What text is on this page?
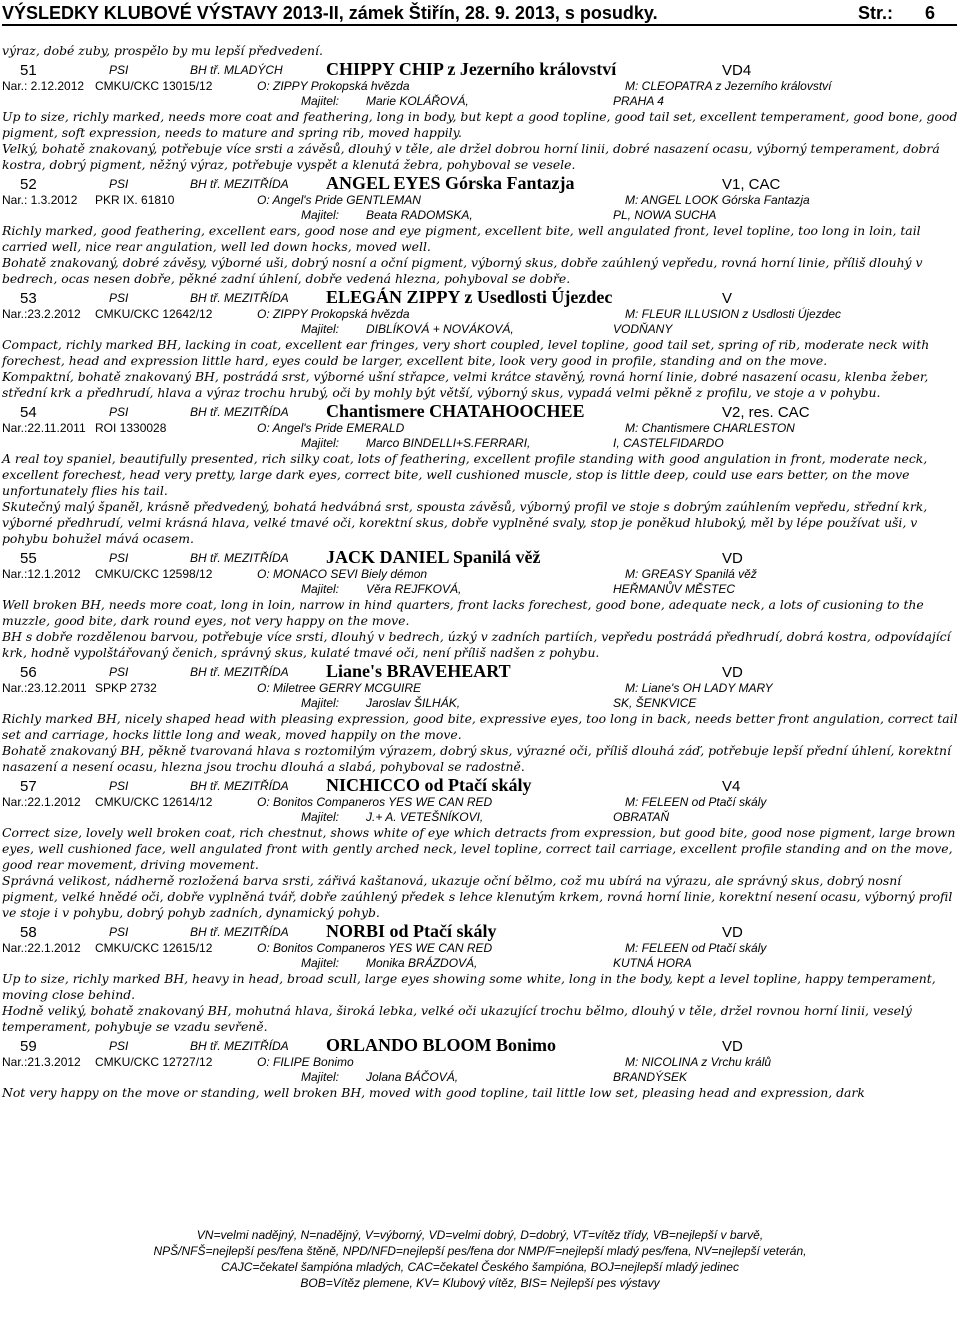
VÝSLEDKY KLUBOVÉ VÝSTAVY 2013-II, zámek Štiřín, 28. 9. 2013, s posudky.	Str.: 6

výraz, dobé zuby, prospělo by mu lepší předvedení.

51	PSI	BH tř. MLADÝCH CHIPPY CHIP z Jezerního království	VD4
Nar.: 2.12.2012 CMKU/CKC 13015/12	O: ZIPPY Prokopská hvězda	M: CLEOPATRA z Jezerního království
Majitel: Marie KOLÁŘOVÁ,	PRAHA 4

Up to size, richly marked, needs more coat and feathering, long in body, but kept a good topline, good tail set, excellent temperament, good bone, good pigment, soft expression, needs to mature and spring rib, moved happily.

Velký, bohatě znakovaný, potřebuje více srsti a závěsů, dlouhý v těle, ale držel dobrou horní linii, dobré nasazení ocasu, výborný temperament, dobrá kostra, dobrý pigment, něžný výraz, potřebuje vyspět a klenutá žebra, pohyboval se vesele.

52	PSI	BH tř. MEZITŘÍDA ANGEL EYES Górska Fantazja	V1, CAC
Nar.: 1.3.2012 PKR IX. 61810	O: Angel's Pride GENTLEMAN	M: ANGEL LOOK Górska Fantazja
Majitel: Beata RADOMSKA,	PL, NOWA SUCHA

Richly marked, good feathering, excellent ears, good nose and eye pigment, excellent bite, well angulated front, level topline, too long in loin, tail carried well, nice rear angulation, well led down hocks, moved well.

Bohatě znakovaný, dobré závěsy, výborné uši, dobrý nosní a oční pigment, výborný skus, dobře zaúhlený vepředu, rovná horní linie, příliš dlouhý v bedrech, ocas nesen dobře, pěkné zadní úhlení, dobře vedená hlezna, pohyboval se dobře.

53	PSI	BH tř. MEZITŘÍDA ELEGÁN ZIPPY z Usedlosti Újezdec	V
Nar.:23.2.2012 CMKU/CKC 12642/12	O: ZIPPY Prokopská hvězda	M: FLEUR ILLUSION z Usdlosti Újezdec
Majitel: DIBLÍKOVÁ + NOVÁKOVÁ,	VODŇANY

Compact, richly marked BH, lacking in coat, excellent ear fringes, very short coupled, level topline, good tail set, spring of rib, moderate neck with forechest, head and expression little hard, eyes could be larger, excellent bite, look very good in profile, standing and on the move.

Kompaktní, bohatě znakovaný BH, postrádá srst, výborné ušní střapce, velmi krátce stavěný, rovná horní linie, dobré nasazení ocasu, klenba žeber, střední krk a předhrudí, hlava a výraz trochu hrubý, oči by mohly být větší, výborný skus, vypadá velmi pěkně z profilu, ve stoje a v pohybu.

54	PSI	BH tř. MEZITŘÍDA Chantismere CHATAHOOCHEE	V2, res. CAC
Nar.:22.11.2011 ROI 1330028	O: Angel's Pride EMERALD	M: Chantismere CHARLESTON
Majitel: Marco BINDELLI+S.FERRARI,	I, CASTELFIDARDO

A real toy spaniel, beautifully presented, rich silky coat, lots of feathering, excellent profile standing with good angulation in front, moderate neck, excellent forechest, head very pretty, large dark eyes, correct bite, well cushioned muscle, stop is little deep, could use ears better, on the move unfortunately flies his tail.

Skutečný malý španěl, krásně předvedený, bohatá hedvábná srst, spousta závěsů, výborný profil ve stoje s dobrým zaúhlením vepředu, střední krk, výborné předhrudí, velmi krásná hlava, velké tmavé oči, korektní skus, dobře vyplněné svaly, stop je poněkud hluboký, měl by lépe používat uši, v pohybu bohužel mává ocasem.

55	PSI	BH tř. MEZITŘÍDA JACK DANIEL Spanilá věž	VD
Nar.:12.1.2012 CMKU/CKC 12598/12	O: MONACO SEVI Biely démon	M: GREASY Spanilá věž
Majitel: Věra REJFKOVÁ,	HEŘMANŮV MĚSTEC

Well broken BH, needs more coat, long in loin, narrow in hind quarters, front lacks forechest, good bone, adequate neck, a lots of cusioning to the muzzle, good bite, dark round eyes, not very happy on the move.

BH s dobře rozdělenou barvou, potřebuje více srsti, dlouhý v bedrech, úzký v zadních partiích, vepředu postrádá předhrudí, dobrá kostra, odpovídající krk, hodně vypolštářovaný čenich, správný skus, kulaté tmavé oči, není příliš nadšen z pohybu.

56	PSI	BH tř. MEZITŘÍDA Liane's BRAVEHEART	VD
Nar.:23.12.2011 SPKP 2732	O: Miletree GERRY MCGUIRE	M: Liane's OH LADY MARY
Majitel: Jaroslav ŠILHÁK,	SK, ŠENKVICE

Richly marked BH, nicely shaped head with pleasing expression, good bite, expressive eyes, too long in back, needs better front angulation, correct tail set and carriage, hocks little long and weak, moved happily on the move.

Bohatě znakovaný BH, pěkně tvarovaná hlava s roztomilým výrazem, dobrý skus, výrazné oči, příliš dlouhá záď, potřebuje lepší přední úhlení, korektní nasazení a nesení ocasu, hlezna jsou trochu dlouhá a slabá, pohyboval se radostně.

57	PSI	BH tř. MEZITŘÍDA NICHICCO od Ptačí skály	V4
Nar.:22.1.2012 CMKU/CKC 12614/12	O: Bonitos Companeros YES WE CAN RED	M: FELEEN od Ptačí skály
Majitel: J.+ A. VETEŠNÍKOVI,	OBRATAŇ

Correct size, lovely well broken coat, rich chestnut, shows white of eye which detracts from expression, but good bite, good nose pigment, large brown eyes, well cushioned face, well angulated front with gently arched neck, level topline, correct tail carriage, excellent profile standing and on the move, good rear movement, driving movement.

Správná velikost, nádherně rozložená barva srsti, zářivá kaštanová, ukazuje oční bělmo, což mu ubírá na výrazu, ale správný skus, dobrý nosní pigment, velké hnědé oči, dobře vyplněná tvář, dobře zaúhlený předek s lehce klenutým krkem, rovná horní linie, korektní nesení ocasu, výborný profil ve stoje i v pohybu, dobrý pohyb zadních, dynamický pohyb.

58	PSI	BH tř. MEZITŘÍDA NORBI od Ptačí skály	VD
Nar.:22.1.2012 CMKU/CKC 12615/12	O: Bonitos Companeros YES WE CAN RED	M: FELEEN od Ptačí skály
Majitel: Monika BRÁZDOVÁ,	KUTNÁ HORA

Up to size, richly marked BH, heavy in head, broad scull, large eyes showing some white, long in the body, kept a level topline, happy temperament, moving close behind.

Hodně veliký, bohatě znakovaný BH, mohutná hlava, široká lebka, velké oči ukazující trochu bělmo, dlouhý v těle, držel rovnou horní linii, veselý temperament, pohybuje se vzadu sevřeně.

59	PSI	BH tř. MEZITŘÍDA ORLANDO BLOOM Bonimo	VD
Nar.:21.3.2012 CMKU/CKC 12727/12	O: FILIPE Bonimo	M: NICOLINA z Vrchu králů
Majitel: Jolana BÁČOVÁ,	BRANDÝSEK

Not very happy on the move or standing, well broken BH, moved with good topline, tail little low set, pleasing head and expression, dark

VN=velmi nadějný, N=nadějný, V=výborný, VD=velmi dobrý, D=dobrý, VT=vítěz třídy, VB=nejlepší v barvě,
NPŠ/NFŠ=nejlepší pes/fena štěně, NPD/NFD=nejlepší pes/fena dor NMP/F=nejlepší mladý pes/fena, NV=nejlepší veterán,
CAJC=čekatel šampióna mladých, CAC=čekatel Českého šampióna, BOJ=nejlepší mladý jedinec
BOB=Vítěz plemene, KV= Klubový vítěz, BIS= Nejlepší pes výstavy
